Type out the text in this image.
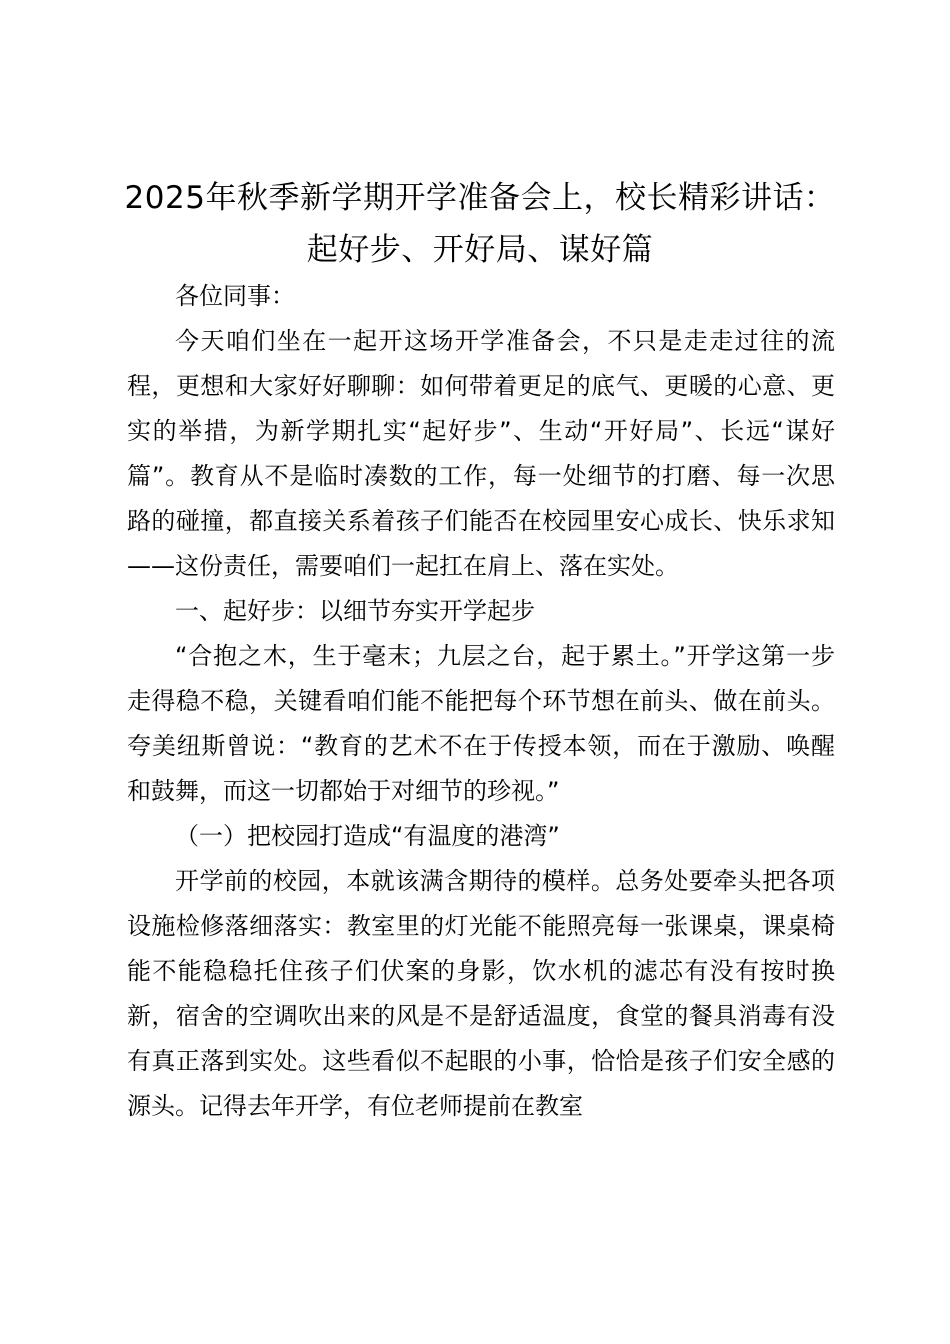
2025年秋季新学期开学准备会上，校长精彩讲话：起好步、开好局、谋好篇

各位同事：

今天咱们坐在一起开这场开学准备会，不只是走走过往的流程，更想和大家好好聊聊：如何带着更足的底气、更暖的心意、更实的举措，为新学期扎实“起好步”、生动“开好局”、长远“谋好篇”。教育从不是临时凑数的工作，每一处细节的打磨、每一次思路的碰撞，都直接关系着孩子们能否在校园里安心成长、快乐求知——这份责任，需要咱们一起扛在肩上、落在实处。

一、起好步：以细节夯实开学起步

“合抱之木，生于毫末；九层之台，起于累土。”开学这第一步走得稳不稳，关键看咱们能不能把每个环节想在前头、做在前头。夸美纽斯曾说：“教育的艺术不在于传授本领，而在于激励、唤醒和鼓舞，而这一切都始于对细节的珍视。”

（一）把校园打造成“有温度的港湾”

开学前的校园，本就该满含期待的模样。总务处要牵头把各项设施检修落细落实：教室里的灯光能不能照亮每一张课桌，课桌椅能不能稳稳托住孩子们伏案的身影，饮水机的滤芯有没有按时换新，宿舍的空调吹出来的风是不是舒适温度，食堂的餐具消毒有没有真正落到实处。这些看似不起眼的小事，恰恰是孩子们安全感的源头。记得去年开学，有位老师提前在教室
